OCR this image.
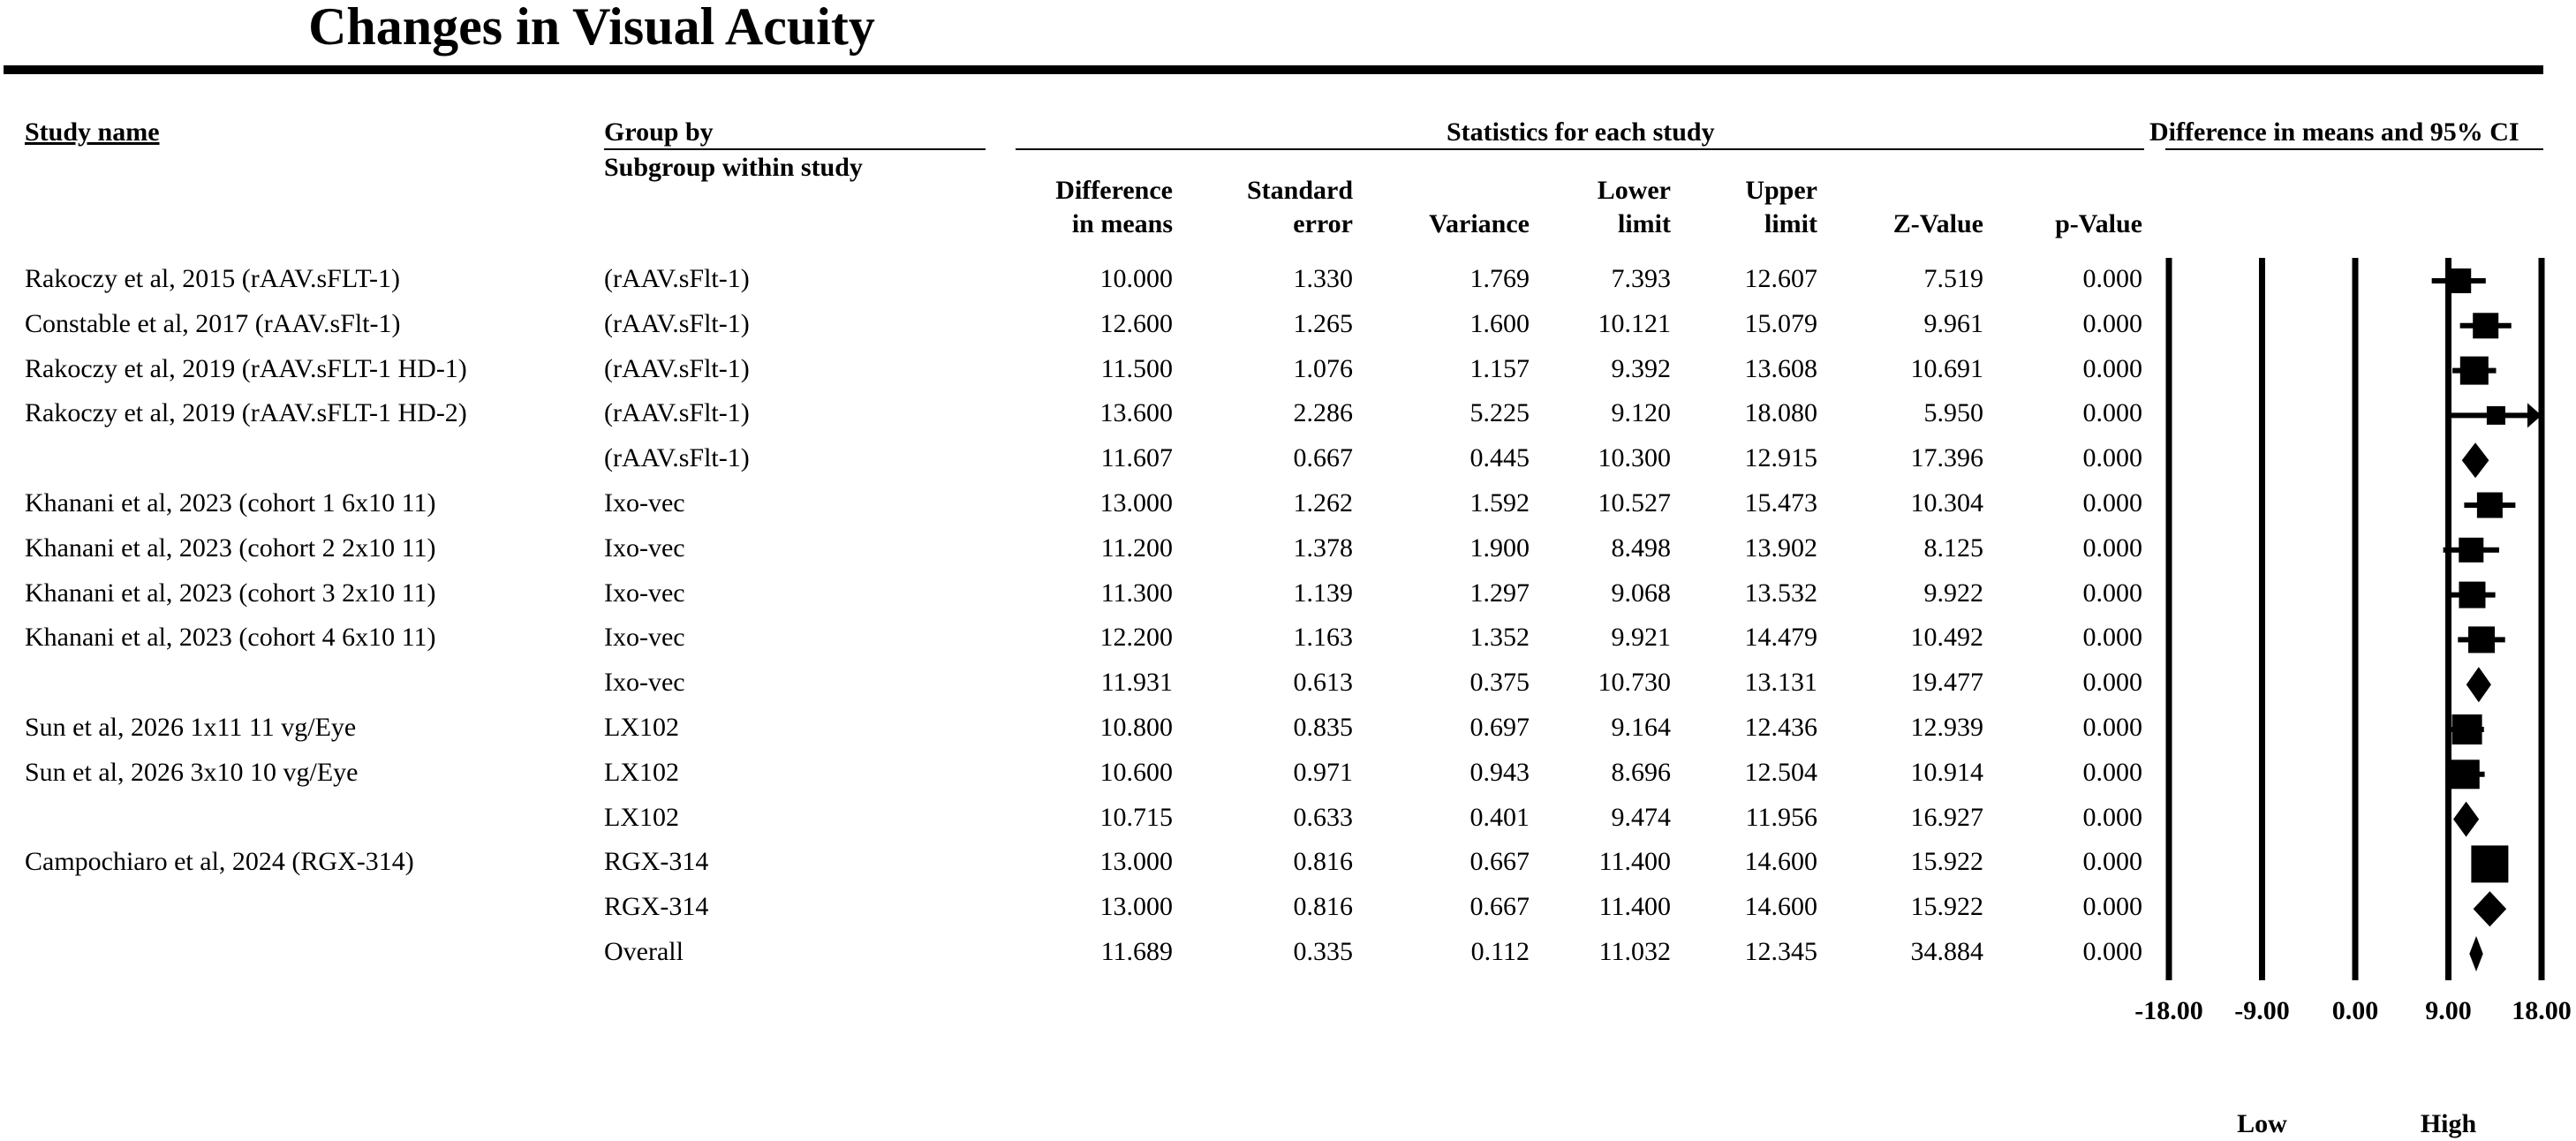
Changes in Visual Acuity
Study name	Group by
Subgroup within study
Statistics for each study	Difference in means and 95% CI
Difference
in means
Standard
error	Variance
Lower
limit
Upper
limit	Z-Value	p-Value
Rakoczy et al, 2015 (rAAV.sFLT-1)	(rAAV.sFlt-1)	10.000	1.330	1.769	7.393	12.607	7.519	0.000
Constable et al, 2017 (rAAV.sFlt-1)	(rAAV.sFlt-1)	12.600	1.265	1.600	10.121	15.079	9.961	0.000
Rakoczy et al, 2019 (rAAV.sFLT-1 HD-1)	(rAAV.sFlt-1)	11.500	1.076	1.157	9.392	13.608	10.691	0.000
Rakoczy et al, 2019 (rAAV.sFLT-1 HD-2)	(rAAV.sFlt-1)	13.600	2.286	5.225	9.120	18.080	5.950	0.000
(rAAV.sFlt-1)	11.607	0.667	0.445	10.300	12.915	17.396	0.000
Khanani et al, 2023 (cohort 1 6x10 11)	Ixo-vec	13.000	1.262	1.592	10.527	15.473	10.304	0.000
Khanani et al, 2023 (cohort 2 2x10 11)	Ixo-vec	11.200	1.378	1.900	8.498	13.902	8.125	0.000
Khanani et al, 2023 (cohort 3 2x10 11)	Ixo-vec	11.300	1.139	1.297	9.068	13.532	9.922	0.000
Khanani et al, 2023 (cohort 4 6x10 11)	Ixo-vec	12.200	1.163	1.352	9.921	14.479	10.492	0.000
Ixo-vec	11.931	0.613	0.375	10.730	13.131	19.477	0.000
Sun et al, 2026 1x11 11 vg/Eye	LX102	10.800	0.835	0.697	9.164	12.436	12.939	0.000
Sun et al, 2026 3x10 10 vg/Eye	LX102	10.600	0.971	0.943	8.696	12.504	10.914	0.000
LX102	10.715	0.633	0.401	9.474	11.956	16.927	0.000
Campochiaro et al, 2024 (RGX-314)	RGX-314	13.000	0.816	0.667	11.400	14.600	15.922	0.000
RGX-314	13.000	0.816	0.667	11.400	14.600	15.922	0.000
Overall	11.689	0.335	0.112	11.032	12.345	34.884	0.000
-18.00 -9.00 0.00 9.00 18.00
Low	High
